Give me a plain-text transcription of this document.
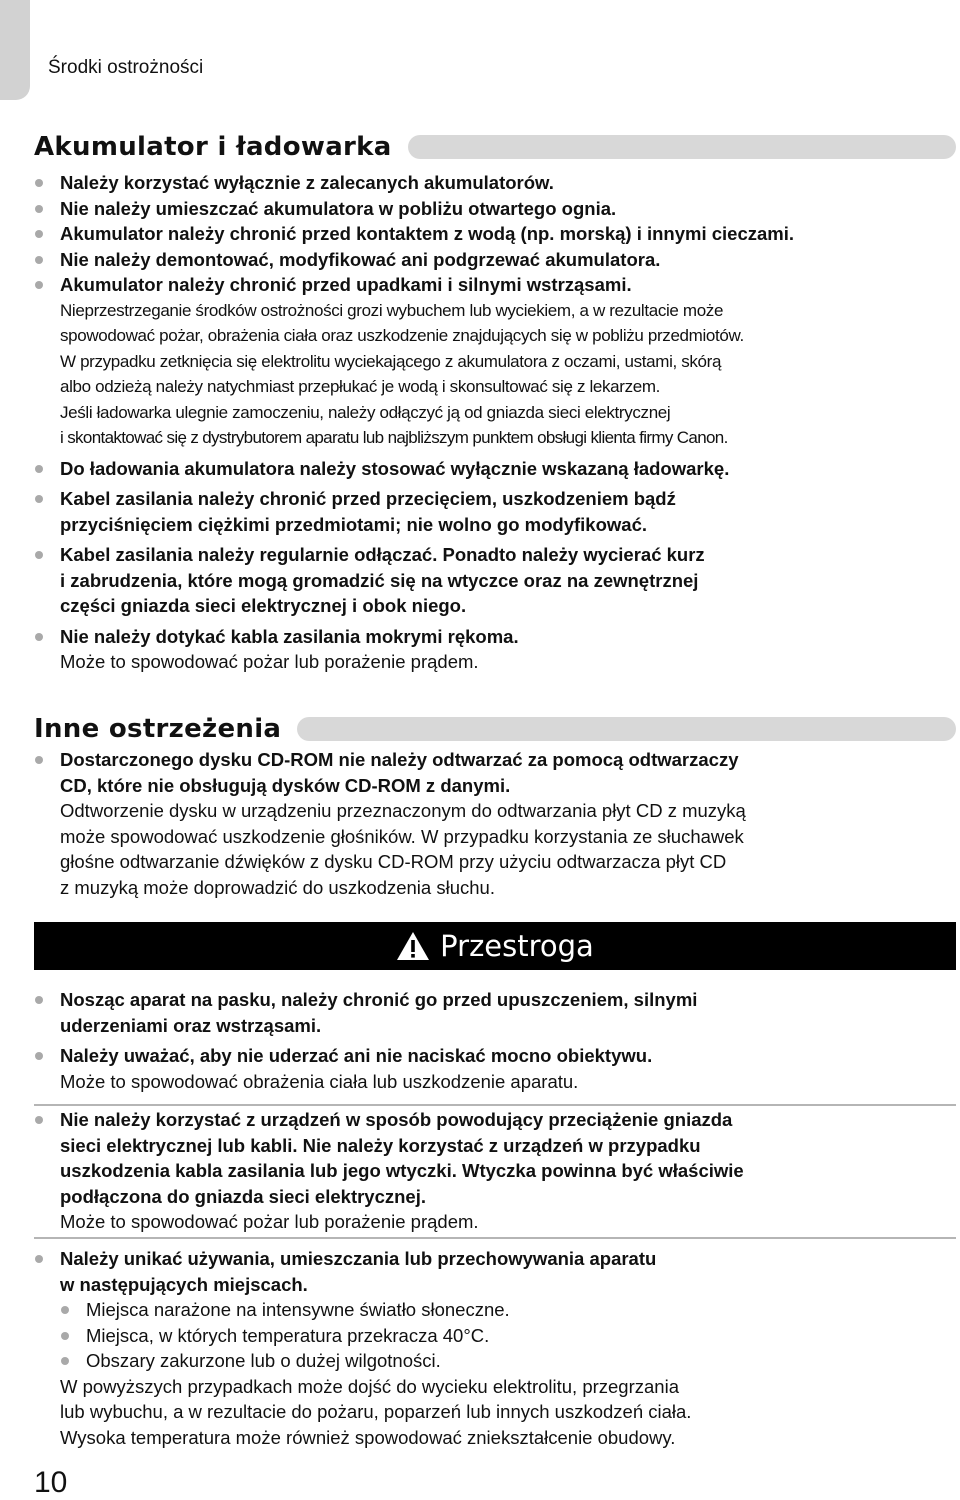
Środki ostrożności
Akumulator i ładowarka
Należy korzystać wyłącznie z zalecanych akumulatorów.
Nie należy umieszczać akumulatora w pobliżu otwartego ognia.
Akumulator należy chronić przed kontaktem z wodą (np. morską) i innymi cieczami.
Nie należy demontować, modyfikować ani podgrzewać akumulatora.
Akumulator należy chronić przed upadkami i silnymi wstrząsami.
Nieprzestrzeganie środków ostrożności grozi wybuchem lub wyciekiem, a w rezultacie może
spowodować pożar, obrażenia ciała oraz uszkodzenie znajdujących się w pobliżu przedmiotów.
W przypadku zetknięcia się elektrolitu wyciekającego z akumulatora z oczami, ustami, skórą
albo odzieżą należy natychmiast przepłukać je wodą i skonsultować się z lekarzem.
Jeśli ładowarka ulegnie zamoczeniu, należy odłączyć ją od gniazda sieci elektrycznej
i skontaktować się z dystrybutorem aparatu lub najbliższym punktem obsługi klienta firmy Canon.
Do ładowania akumulatora należy stosować wyłącznie wskazaną ładowarkę.
Kabel zasilania należy chronić przed przecięciem, uszkodzeniem bądź
przyciśnięciem ciężkimi przedmiotami; nie wolno go modyfikować.
Kabel zasilania należy regularnie odłączać. Ponadto należy wycierać kurz
i zabrudzenia, które mogą gromadzić się na wtyczce oraz na zewnętrznej
części gniazda sieci elektrycznej i obok niego.
Nie należy dotykać kabla zasilania mokrymi rękoma.
Może to spowodować pożar lub porażenie prądem.
Inne ostrzeżenia
Dostarczonego dysku CD-ROM nie należy odtwarzać za pomocą odtwarzaczy
CD, które nie obsługują dysków CD-ROM z danymi.
Odtworzenie dysku w urządzeniu przeznaczonym do odtwarzania płyt CD z muzyką
może spowodować uszkodzenie głośników. W przypadku korzystania ze słuchawek
głośne odtwarzanie dźwięków z dysku CD-ROM przy użyciu odtwarzacza płyt CD
z muzyką może doprowadzić do uszkodzenia słuchu.
Przestroga
Nosząc aparat na pasku, należy chronić go przed upuszczeniem, silnymi
uderzeniami oraz wstrząsami.
Należy uważać, aby nie uderzać ani nie naciskać mocno obiektywu.
Może to spowodować obrażenia ciała lub uszkodzenie aparatu.
Nie należy korzystać z urządzeń w sposób powodujący przeciążenie gniazda
sieci elektrycznej lub kabli. Nie należy korzystać z urządzeń w przypadku
uszkodzenia kabla zasilania lub jego wtyczki. Wtyczka powinna być właściwie
podłączona do gniazda sieci elektrycznej.
Może to spowodować pożar lub porażenie prądem.
Należy unikać używania, umieszczania lub przechowywania aparatu
w następujących miejscach.
Miejsca narażone na intensywne światło słoneczne.
Miejsca, w których temperatura przekracza 40°C.
Obszary zakurzone lub o dużej wilgotności.
W powyższych przypadkach może dojść do wycieku elektrolitu, przegrzania
lub wybuchu, a w rezultacie do pożaru, poparzeń lub innych uszkodzeń ciała.
Wysoka temperatura może również spowodować zniekształcenie obudowy.
10
